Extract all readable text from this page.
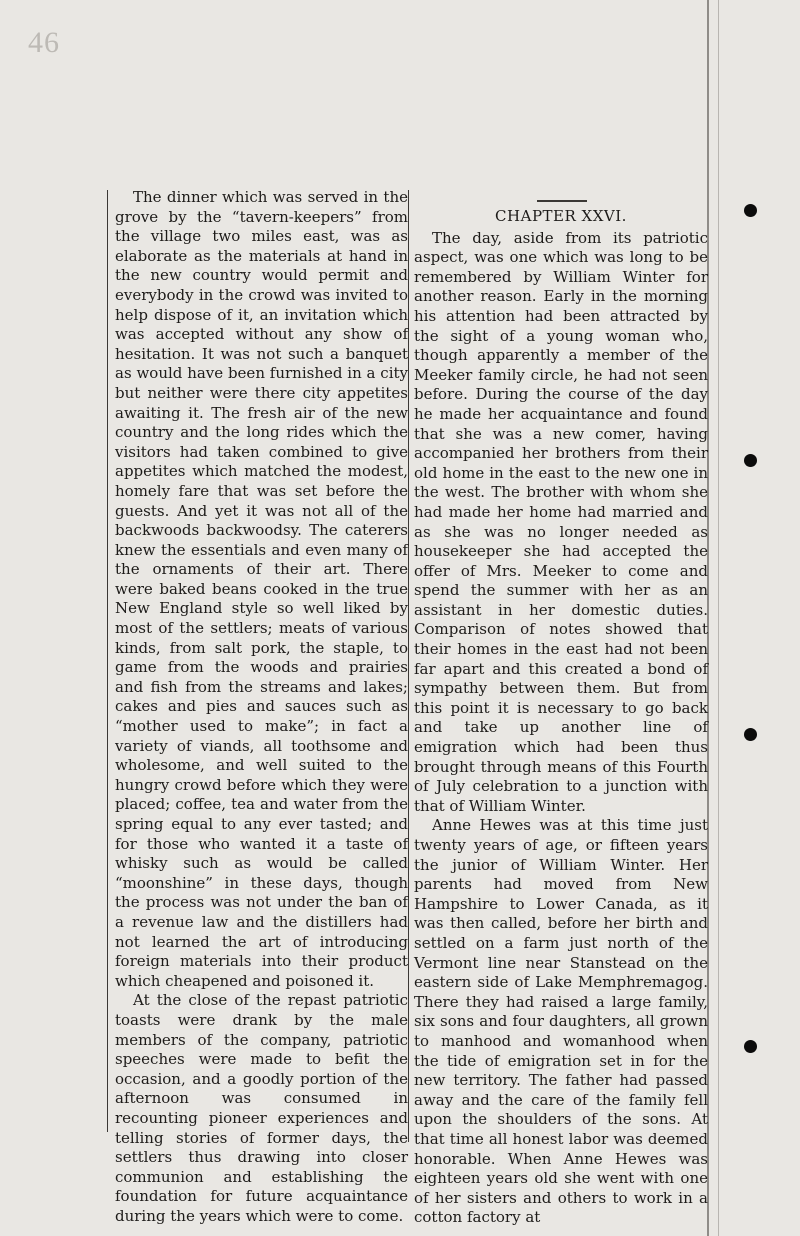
46

The dinner which was served in the grove by the “tavern-keepers” from the village two miles east, was as elaborate as the materials at hand in the new country would permit and everybody in the crowd was invited to help dispose of it, an invitation which was accepted without any show of hesitation. It was not such a banquet as would have been furnished in a city but neither were there city appetites awaiting it. The fresh air of the new country and the long rides which the visitors had taken combined to give appetites which matched the modest, homely fare that was set before the guests. And yet it was not all of the backwoods backwoodsy. The caterers knew the essentials and even many of the ornaments of their art. There were baked beans cooked in the true New England style so well liked by most of the settlers; meats of various kinds, from salt pork, the staple, to game from the woods and prairies and fish from the streams and lakes; cakes and pies and sauces such as “mother used to make”; in fact a variety of viands, all toothsome and wholesome, and well suited to the hungry crowd before which they were placed; coffee, tea and water from the spring equal to any ever tasted; and for those who wanted it a taste of whisky such as would be called “moonshine” in these days, though the process was not under the ban of a revenue law and the distillers had not learned the art of introducing foreign materials into their product which cheapened and poisoned it.

At the close of the repast patriotic toasts were drank by the male members of the company, patriotic speeches were made to befit the occasion, and a goodly portion of the afternoon was consumed in recounting pioneer experiences and telling stories of former days, the settlers thus drawing into closer communion and establishing the foundation for future acquaintance during the years which were to come.

CHAPTER XXVI.

The day, aside from its patriotic aspect, was one which was long to be remembered by William Winter for another reason. Early in the morning his attention had been attracted by the sight of a young woman who, though apparently a member of the Meeker family circle, he had not seen before. During the course of the day he made her acquaintance and found that she was a new comer, having accompanied her brothers from their old home in the east to the new one in the west. The brother with whom she had made her home had married and as she was no longer needed as housekeeper she had accepted the offer of Mrs. Meeker to come and spend the summer with her as an assistant in her domestic duties. Comparison of notes showed that their homes in the east had not been far apart and this created a bond of sympathy between them. But from this point it is necessary to go back and take up another line of emigration which had been thus brought through means of this Fourth of July celebration to a junction with that of William Winter.

Anne Hewes was at this time just twenty years of age, or fifteen years the junior of William Winter. Her parents had moved from New Hampshire to Lower Canada, as it was then called, before her birth and settled on a farm just north of the Vermont line near Stanstead on the eastern side of Lake Memphremagog. There they had raised a large family, six sons and four daughters, all grown to manhood and womanhood when the tide of emigration set in for the new territory. The father had passed away and the care of the family fell upon the shoulders of the sons. At that time all honest labor was deemed honorable. When Anne Hewes was eighteen years old she went with one of her sisters and others to work in a cotton factory at
